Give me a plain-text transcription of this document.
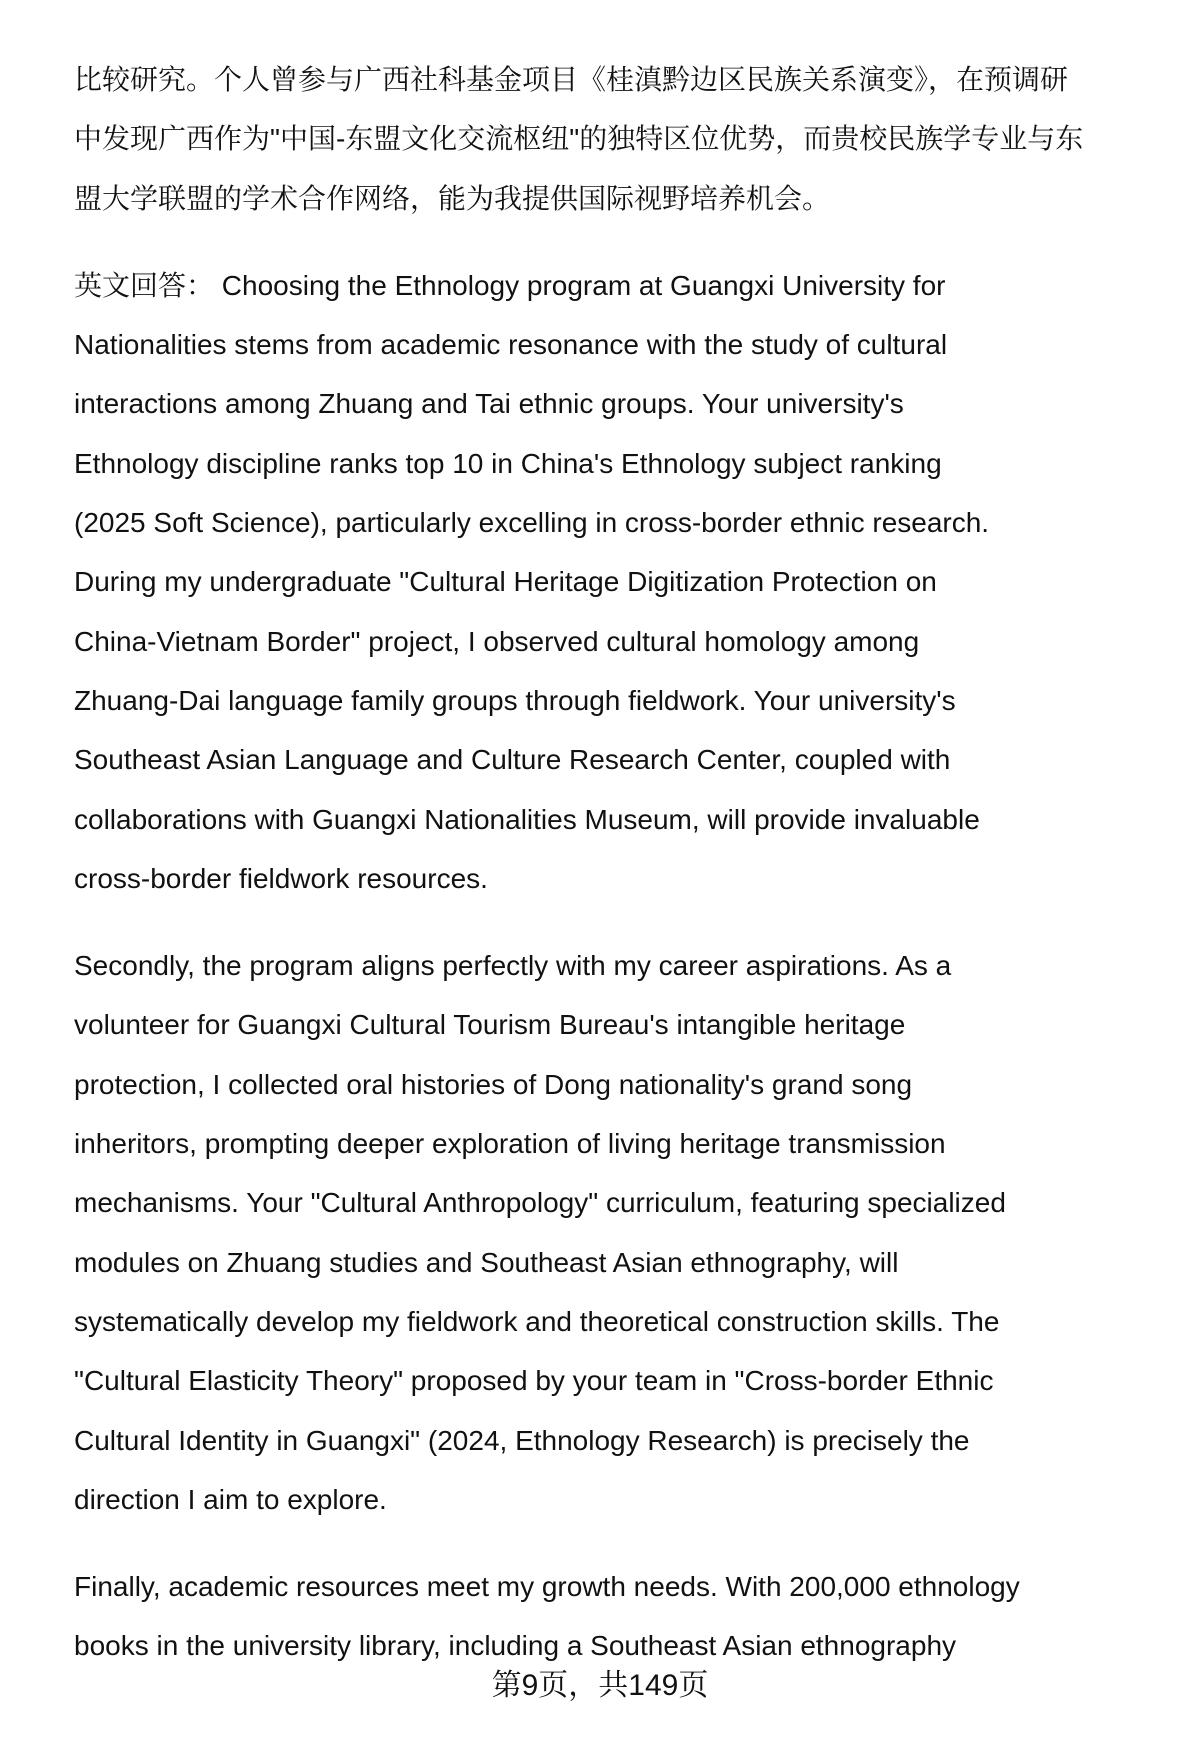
比较研究。个人曾参与广西社科基金项目《桂滇黔边区民族关系演变》，在预调研
中发现广西作为"中国-东盟文化交流枢纽"的独特区位优势，而贵校民族学专业与东
盟大学联盟的学术合作网络，能为我提供国际视野培养机会。
英文回答： Choosing the Ethnology program at Guangxi University for
Nationalities stems from academic resonance with the study of cultural
interactions among Zhuang and Tai ethnic groups. Your university's
Ethnology discipline ranks top 10 in China's Ethnology subject ranking
(2025 Soft Science), particularly excelling in cross-border ethnic research.
During my undergraduate "Cultural Heritage Digitization Protection on
China-Vietnam Border" project, I observed cultural homology among
Zhuang-Dai language family groups through fieldwork. Your university's
Southeast Asian Language and Culture Research Center, coupled with
collaborations with Guangxi Nationalities Museum, will provide invaluable
cross-border fieldwork resources.
Secondly, the program aligns perfectly with my career aspirations. As a
volunteer for Guangxi Cultural Tourism Bureau's intangible heritage
protection, I collected oral histories of Dong nationality's grand song
inheritors, prompting deeper exploration of living heritage transmission
mechanisms. Your "Cultural Anthropology" curriculum, featuring specialized
modules on Zhuang studies and Southeast Asian ethnography, will
systematically develop my fieldwork and theoretical construction skills. The
"Cultural Elasticity Theory" proposed by your team in "Cross-border Ethnic
Cultural Identity in Guangxi" (2024, Ethnology Research) is precisely the
direction I aim to explore.
Finally, academic resources meet my growth needs. With 200,000 ethnology
books in the university library, including a Southeast Asian ethnography
第9页，共149页
